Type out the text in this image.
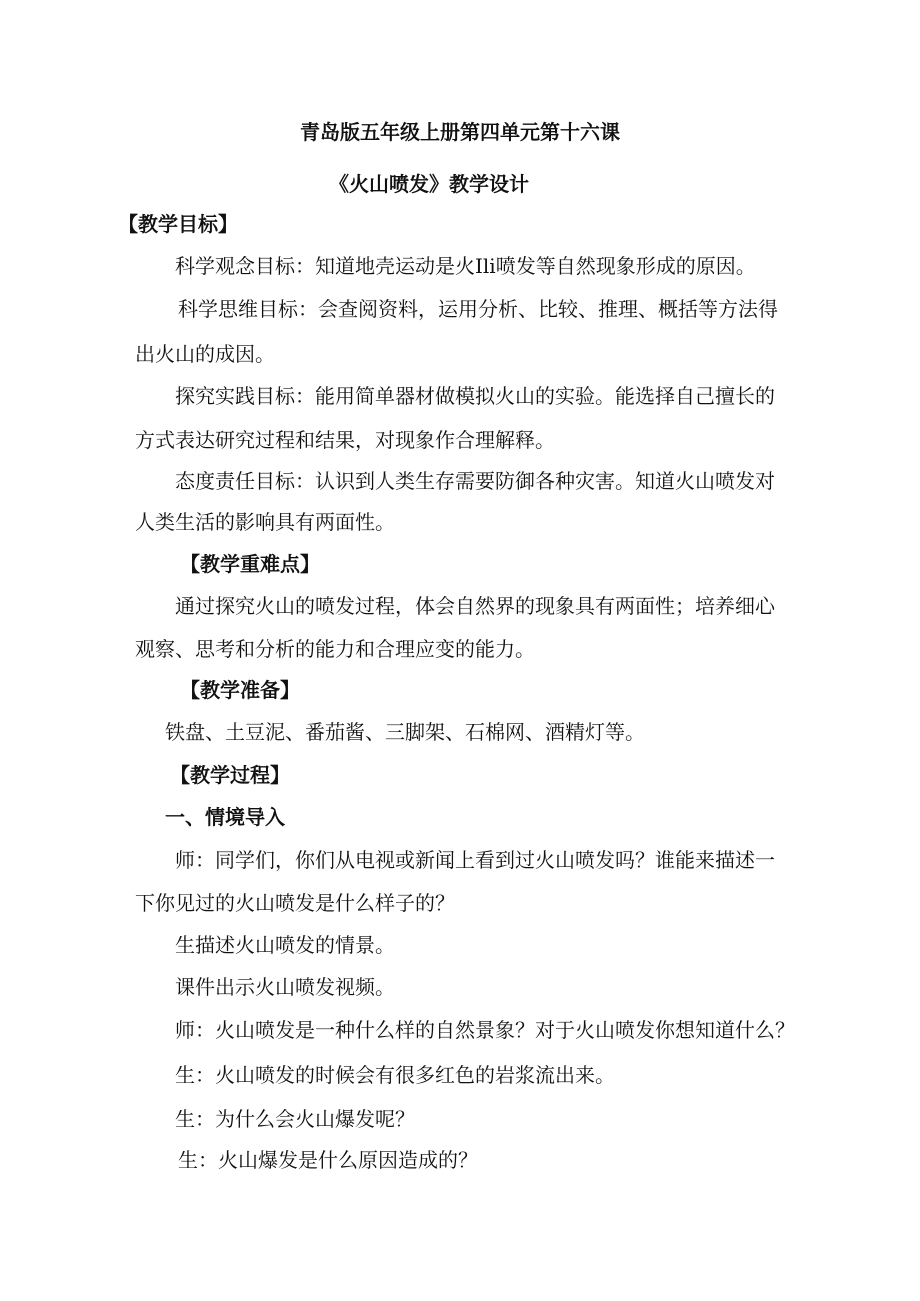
青岛版五年级上册第四单元第十六课
《火山喷发》教学设计
【教学目标】
科学观念目标：知道地壳运动是火Ili喷发等自然现象形成的原因。
科学思维目标：会查阅资料，运用分析、比较、推理、概括等方法得
出火山的成因。
探究实践目标：能用简单器材做模拟火山的实验。能选择自己擅长的
方式表达研究过程和结果，对现象作合理解释。
态度责任目标：认识到人类生存需要防御各种灾害。知道火山喷发对
人类生活的影响具有两面性。
【教学重难点】
通过探究火山的喷发过程，体会自然界的现象具有两面性；培养细心
观察、思考和分析的能力和合理应变的能力。
【教学准备】
铁盘、土豆泥、番茄酱、三脚架、石棉网、酒精灯等。
【教学过程】
一、情境导入
师：同学们，你们从电视或新闻上看到过火山喷发吗？谁能来描述一
下你见过的火山喷发是什么样子的？
生描述火山喷发的情景。
课件出示火山喷发视频。
师：火山喷发是一种什么样的自然景象？对于火山喷发你想知道什么？
生：火山喷发的时候会有很多红色的岩浆流出来。
生：为什么会火山爆发呢？
生：火山爆发是什么原因造成的？
